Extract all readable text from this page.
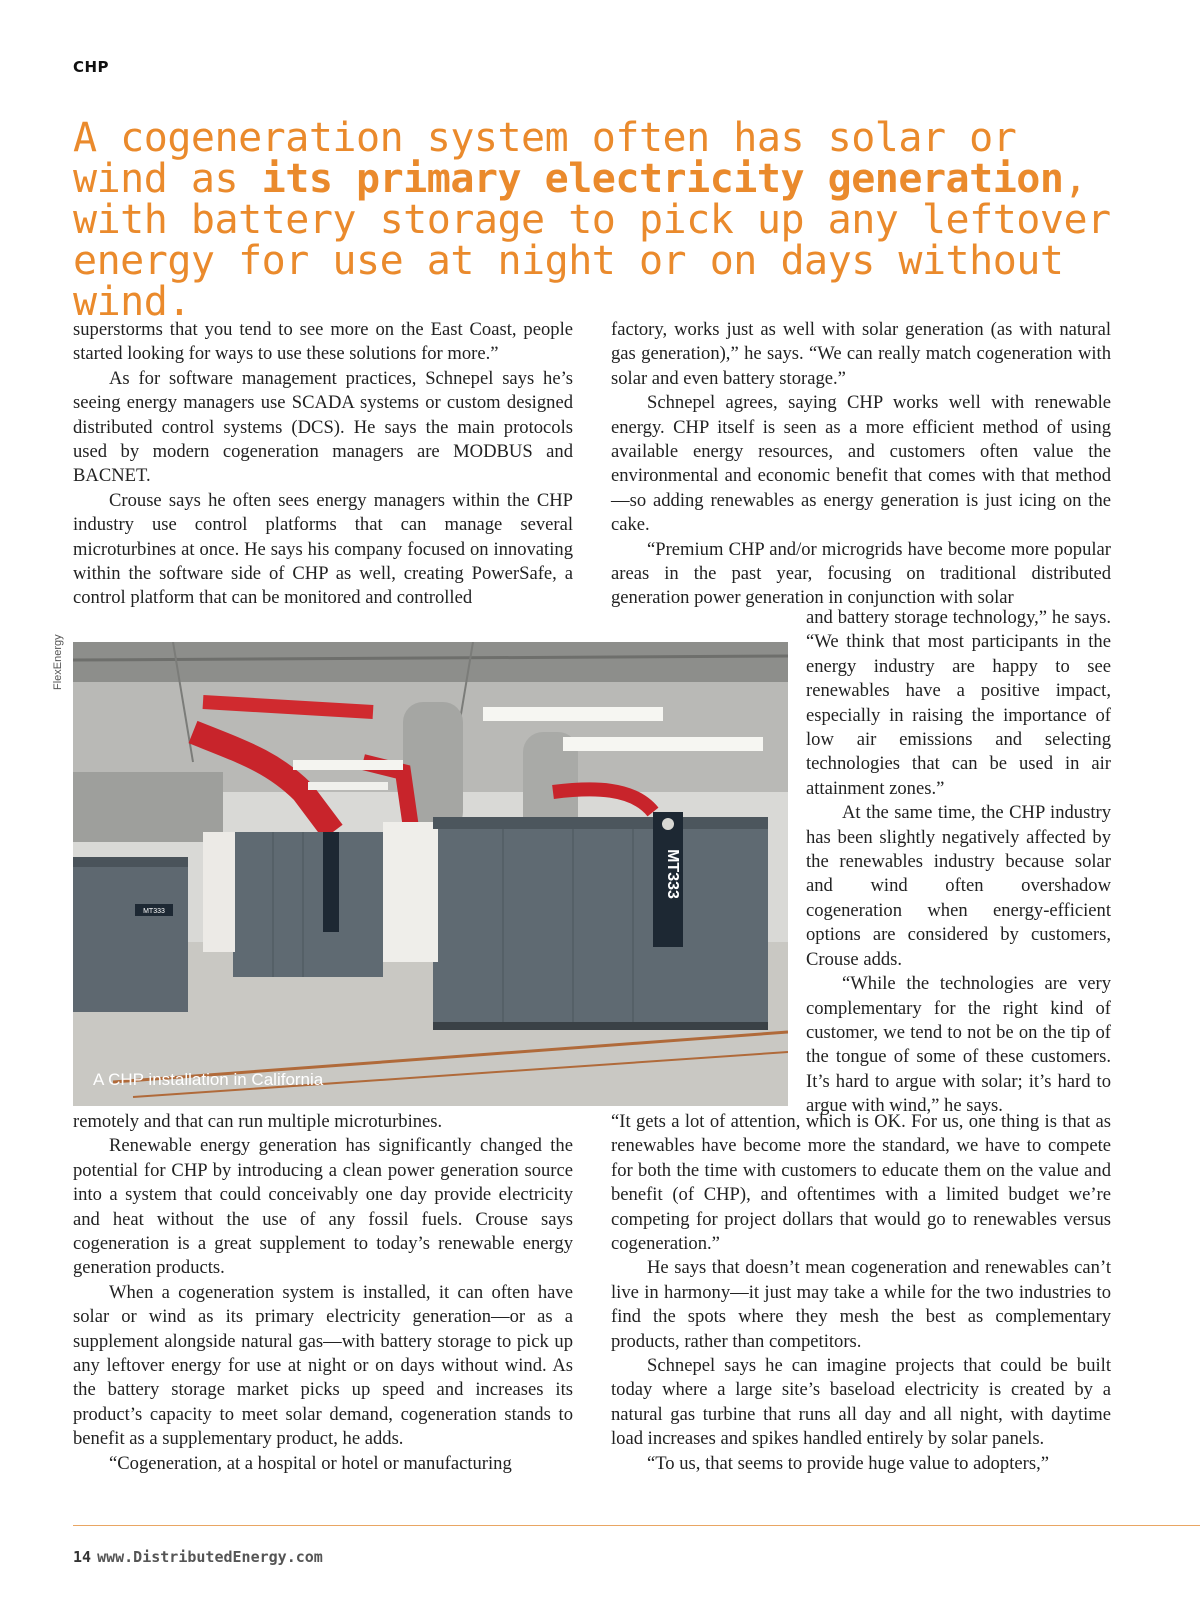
CHP
A cogeneration system often has solar or wind as its primary electricity generation, with battery storage to pick up any leftover energy for use at night or on days without wind.

superstorms that you tend to see more on the East Coast, people started looking for ways to use these solutions for more.”

As for software management practices, Schnepel says he’s seeing energy managers use SCADA systems or custom designed distributed control systems (DCS). He says the main protocols used by modern cogeneration managers are MODBUS and BACNET.

Crouse says he often sees energy managers within the CHP industry use control platforms that can manage several microturbines at once. He says his company focused on innovating within the software side of CHP as well, creating PowerSafe, a control platform that can be monitored and controlled

FlexEnergy
MT333
MT333
A CHP installation in California

remotely and that can run multiple microturbines.

Renewable energy generation has significantly changed the potential for CHP by introducing a clean power generation source into a system that could conceivably one day provide electricity and heat without the use of any fossil fuels. Crouse says cogeneration is a great supplement to today’s renewable energy generation products.

When a cogeneration system is installed, it can often have solar or wind as its primary electricity generation—or as a supplement alongside natural gas—with battery storage to pick up any leftover energy for use at night or on days without wind. As the battery storage market picks up speed and increases its product’s capacity to meet solar demand, cogeneration stands to benefit as a supplementary product, he adds.

“Cogeneration, at a hospital or hotel or manufacturing

factory, works just as well with solar generation (as with natural gas generation),” he says. “We can really match cogeneration with solar and even battery storage.”

Schnepel agrees, saying CHP works well with renewable energy. CHP itself is seen as a more efficient method of using available energy resources, and customers often value the environmental and economic benefit that comes with that method—so adding renewables as energy generation is just icing on the cake.

“Premium CHP and/or microgrids have become more popular areas in the past year, focusing on traditional distributed generation power generation in conjunction with solar

and battery storage technology,” he says. “We think that most participants in the energy industry are happy to see renewables have a positive impact, especially in raising the importance of low air emissions and selecting technologies that can be used in air attainment zones.”

At the same time, the CHP industry has been slightly negatively affected by the renewables industry because solar and wind often overshadow cogeneration when energy-efficient options are considered by customers, Crouse adds.

“While the technologies are very complementary for the right kind of customer, we tend to not be on the tip of the tongue of some of these customers. It’s hard to argue with solar; it’s hard to argue with wind,” he says.

“It gets a lot of attention, which is OK. For us, one thing is that as renewables have become more the standard, we have to compete for both the time with customers to educate them on the value and benefit (of CHP), and oftentimes with a limited budget we’re competing for project dollars that would go to renewables versus cogeneration.”

He says that doesn’t mean cogeneration and renewables can’t live in harmony—it just may take a while for the two industries to find the spots where they mesh the best as complementary products, rather than competitors.

Schnepel says he can imagine projects that could be built today where a large site’s baseload electricity is created by a natural gas turbine that runs all day and all night, with daytime load increases and spikes handled entirely by solar panels.

“To us, that seems to provide huge value to adopters,”

14 www.DistributedEnergy.com
